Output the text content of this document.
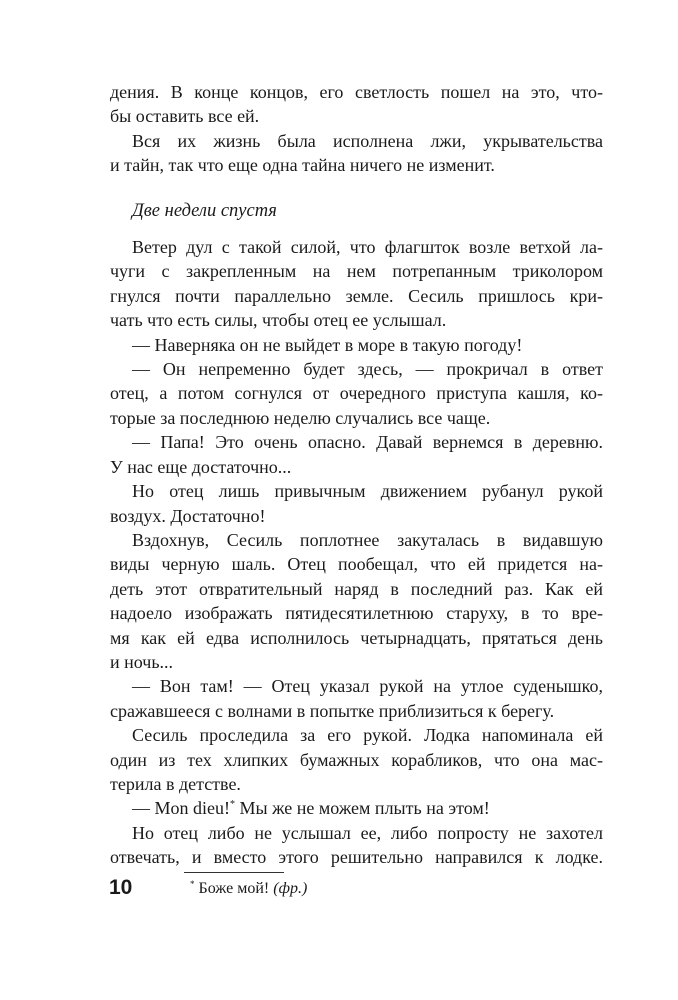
дения. В конце концов, его светлость пошел на это, что-
бы оставить все ей.
Вся их жизнь была исполнена лжи, укрывательства
и тайн, так что еще одна тайна ничего не изменит.
Две недели спустя
Ветер дул с такой силой, что флагшток возле ветхой ла-
чуги с закрепленным на нем потрепанным триколором
гнулся почти параллельно земле. Сесиль пришлось кри-
чать что есть силы, чтобы отец ее услышал.
— Наверняка он не выйдет в море в такую погоду!
— Он непременно будет здесь, — прокричал в ответ
отец, а потом согнулся от очередного приступа кашля, ко-
торые за последнюю неделю случались все чаще.
— Папа! Это очень опасно. Давай вернемся в деревню.
У нас еще достаточно...
Но отец лишь привычным движением рубанул рукой
воздух. Достаточно!
Вздохнув, Сесиль поплотнее закуталась в видавшую
виды черную шаль. Отец пообещал, что ей придется на-
деть этот отвратительный наряд в последний раз. Как ей
надоело изображать пятидесятилетнюю старуху, в то вре-
мя как ей едва исполнилось четырнадцать, прятаться день
и ночь...
— Вон там! — Отец указал рукой на утлое суденышко,
сражавшееся с волнами в попытке приблизиться к берегу.
Сесиль проследила за его рукой. Лодка напоминала ей
один из тех хлипких бумажных корабликов, что она мас-
терила в детстве.
— Mon dieu!* Мы же не можем плыть на этом!
Но отец либо не услышал ее, либо попросту не захотел
отвечать, и вместо этого решительно направился к лодке.
10	* Боже мой! (фр.)
